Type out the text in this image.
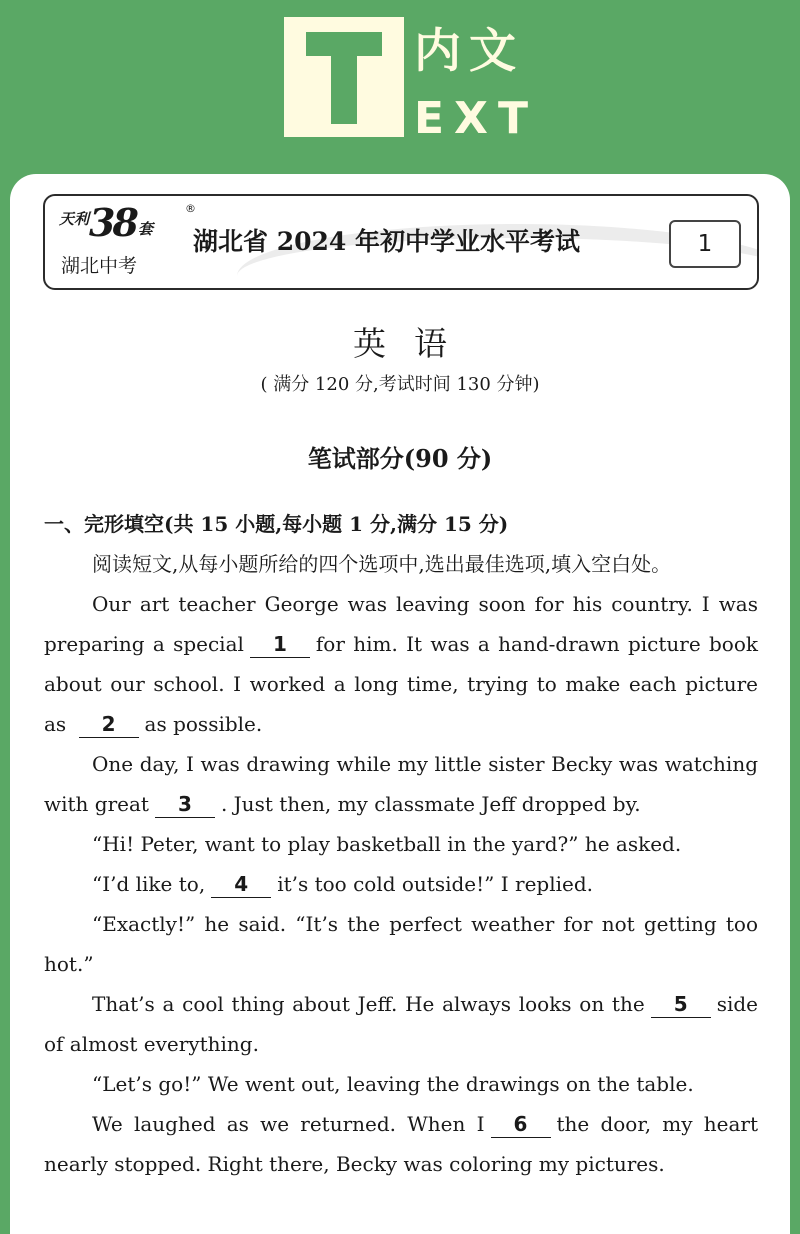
内文
EXT
天利38 套
®
湖北中考
湖北省 2024 年初中学业水平考试	1
英语
( 满分 120 分,考试时间 130 分钟)
笔试部分(90 分)

一、完形填空(共 15 小题,每小题 1 分,满分 15 分)

阅读短文,从每小题所给的四个选项中,选出最佳选项,填入空白处。

Our art teacher George was leaving soon for his country. I was preparing a special 1 for him. It was a hand-drawn picture book about our school. I worked a long time, trying to make each picture as 2 as possible.

One day, I was drawing while my little sister Becky was watching with great 3 . Just then, my classmate Jeff dropped by.

“Hi! Peter, want to play basketball in the yard?” he asked.

“I’d like to, 4 it’s too cold outside!” I replied.

“Exactly!” he said. “It’s the perfect weather for not getting too hot.”

That’s a cool thing about Jeff. He always looks on the 5 side of almost everything.

“Let’s go!” We went out, leaving the drawings on the table.

We laughed as we returned. When I 6 the door, my heart nearly stopped. Right there, Becky was coloring my pictures.
